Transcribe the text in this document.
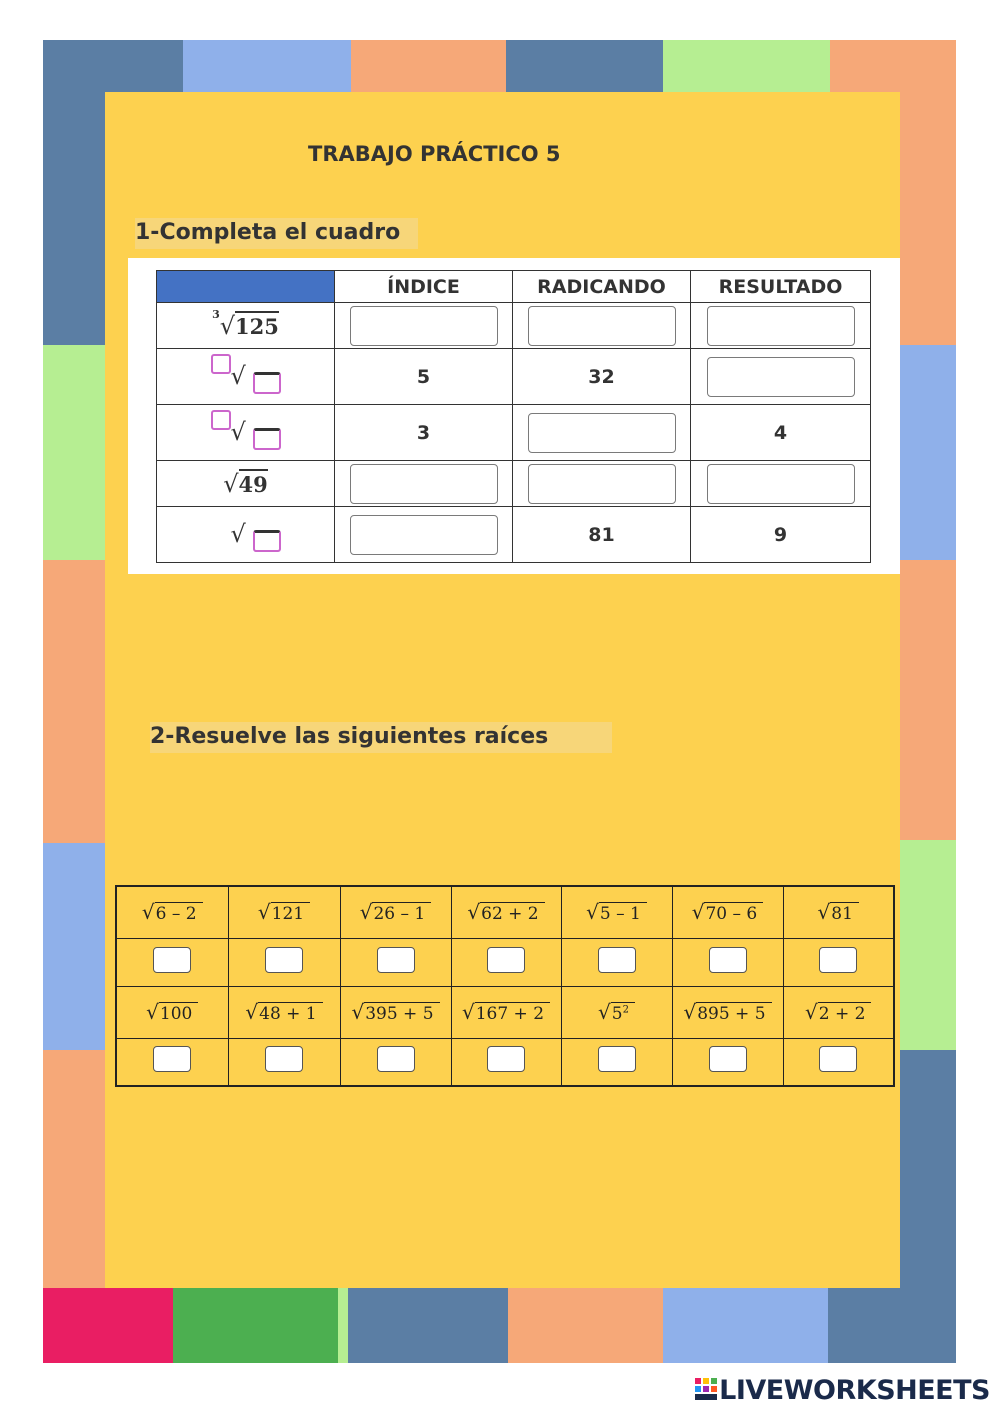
TRABAJO PRÁCTICO 5
1-Completa el cuadro
	ÍNDICE	RADICANDO	RESULTADO
$^3$√125			

√	5	32	

√	3		4
√49			

√		81	9
2-Resuelve las siguientes raíces
√6 – 2	√121	√26 – 1	√62 + 2	√5 – 1	√70 – 6	√81

√100	√48 + 1	√395 + 5	√167 + 2	$√5^2$	√895 + 5	√2 + 2

LIVEWORKSHEETS
